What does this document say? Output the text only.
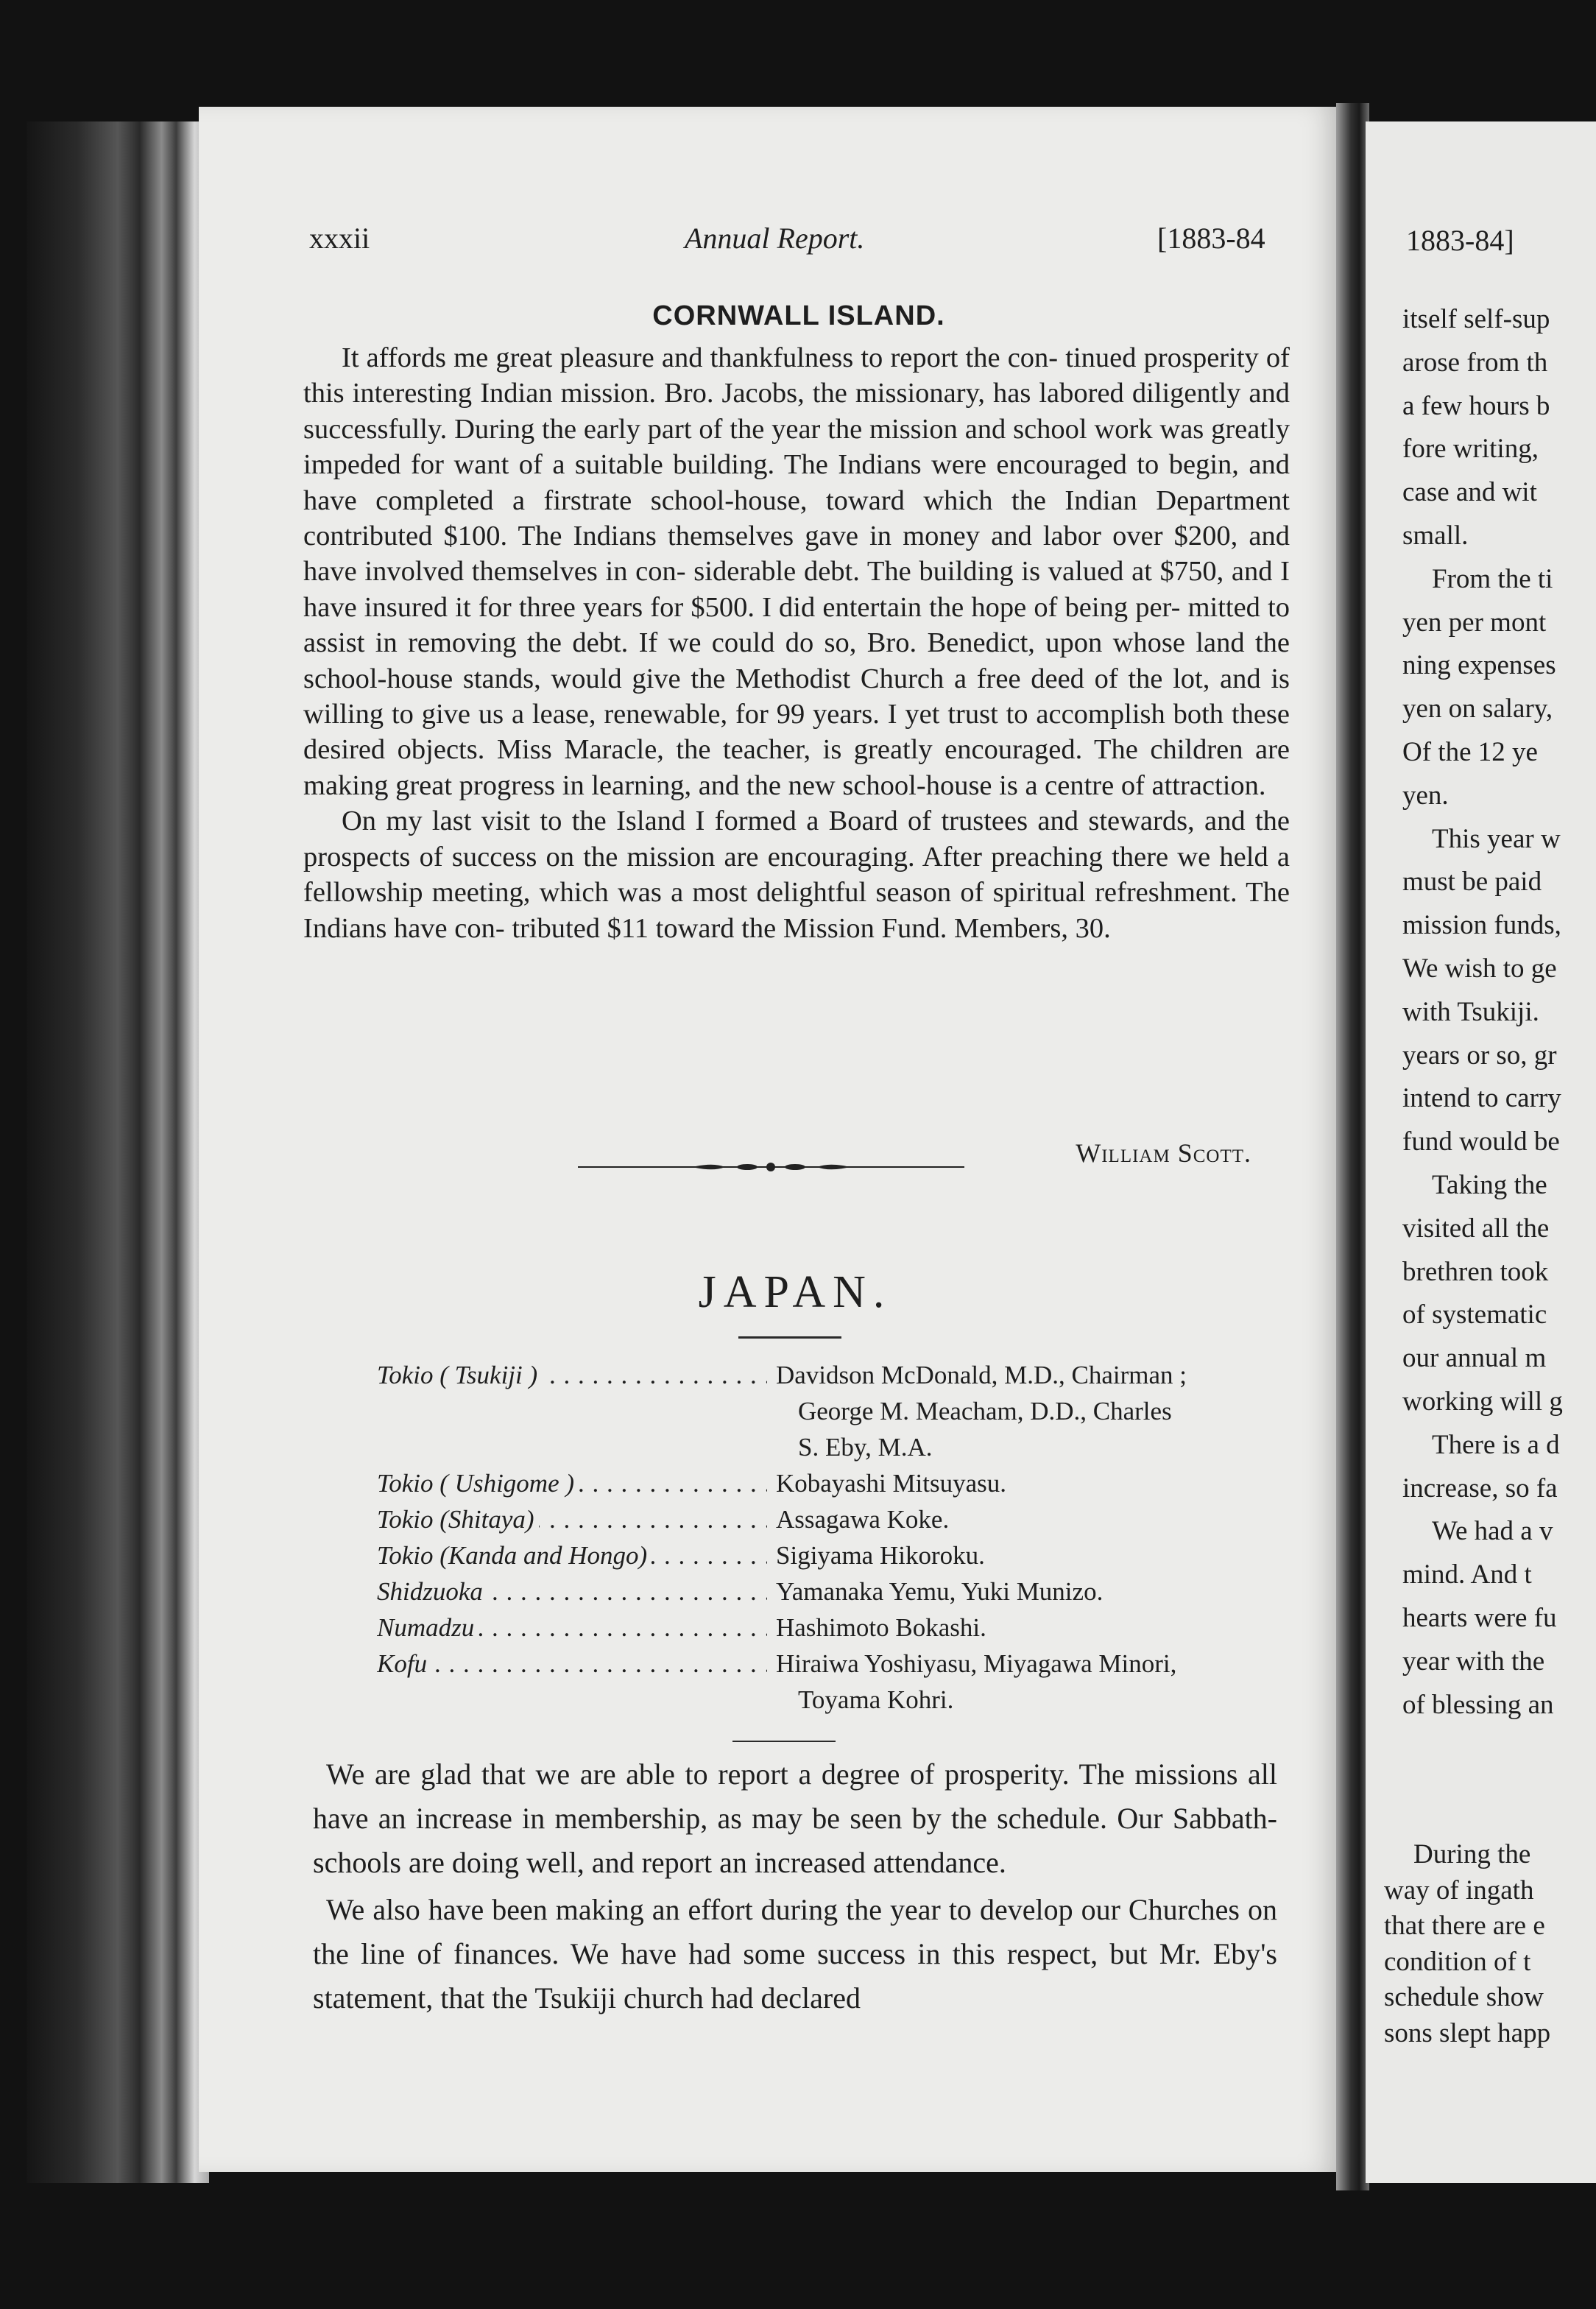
xxxii	Annual Report.	[1883-84
CORNWALL ISLAND.

It affords me great pleasure and thankfulness to report the con- tinued prosperity of this interesting Indian mission. Bro. Jacobs, the missionary, has labored diligently and successfully. During the early part of the year the mission and school work was greatly impeded for want of a suitable building. The Indians were encouraged to begin, and have completed a firstrate school-house, toward which the Indian Department contributed $100. The Indians themselves gave in money and labor over $200, and have involved themselves in con- siderable debt. The building is valued at $750, and I have insured it for three years for $500. I did entertain the hope of being per- mitted to assist in removing the debt. If we could do so, Bro. Benedict, upon whose land the school-house stands, would give the Methodist Church a free deed of the lot, and is willing to give us a lease, renewable, for 99 years. I yet trust to accomplish both these desired objects. Miss Maracle, the teacher, is greatly encouraged. The children are making great progress in learning, and the new school-house is a centre of attraction.

On my last visit to the Island I formed a Board of trustees and stewards, and the prospects of success on the mission are encouraging. After preaching there we held a fellowship meeting, which was a most delightful season of spiritual refreshment. The Indians have con- tributed $11 toward the Mission Fund. Members, 30.

William Scott.
JAPAN.
Tokio ( Tsukiji ) . . .	Davidson McDonald, M.D., Chairman ;
George M. Meacham, D.D., Charles
S. Eby, M.A.
Tokio ( Ushigome ) . . .	Kobayashi Mitsuyasu.
Tokio (Shitaya) . . .	Assagawa Koke.
Tokio (Kanda and Hongo) . . .	Sigiyama Hikoroku.
Shidzuoka . . .	Yamanaka Yemu, Yuki Munizo.
Numadzu . . .	Hashimoto Bokashi.
Kofu . . .	Hiraiwa Yoshiyasu, Miyagawa Minori,
Toyama Kohri.

We are glad that we are able to report a degree of prosperity. The missions all have an increase in membership, as may be seen by the schedule. Our Sabbath-schools are doing well, and report an increased attendance.

We also have been making an effort during the year to develop our Churches on the line of finances. We have had some success in this respect, but Mr. Eby's statement, that the Tsukiji church had declared

1883-84]
itself self-sup
arose from th
a few hours b
fore writing,
case and wit
small.
From the ti
yen per mont
ning expenses
yen on salary,
Of the 12 ye
yen.
This year w
must be paid
mission funds,
We wish to ge
with Tsukiji.
years or so, gr
intend to carry
fund would be
Taking the
visited all the
brethren took
of systematic
our annual m
working will g
There is a d
increase, so fa
We had a v
mind. And t
hearts were fu
year with the
of blessing an
During the
way of ingath
that there are e
condition of t
schedule show
sons slept happ
